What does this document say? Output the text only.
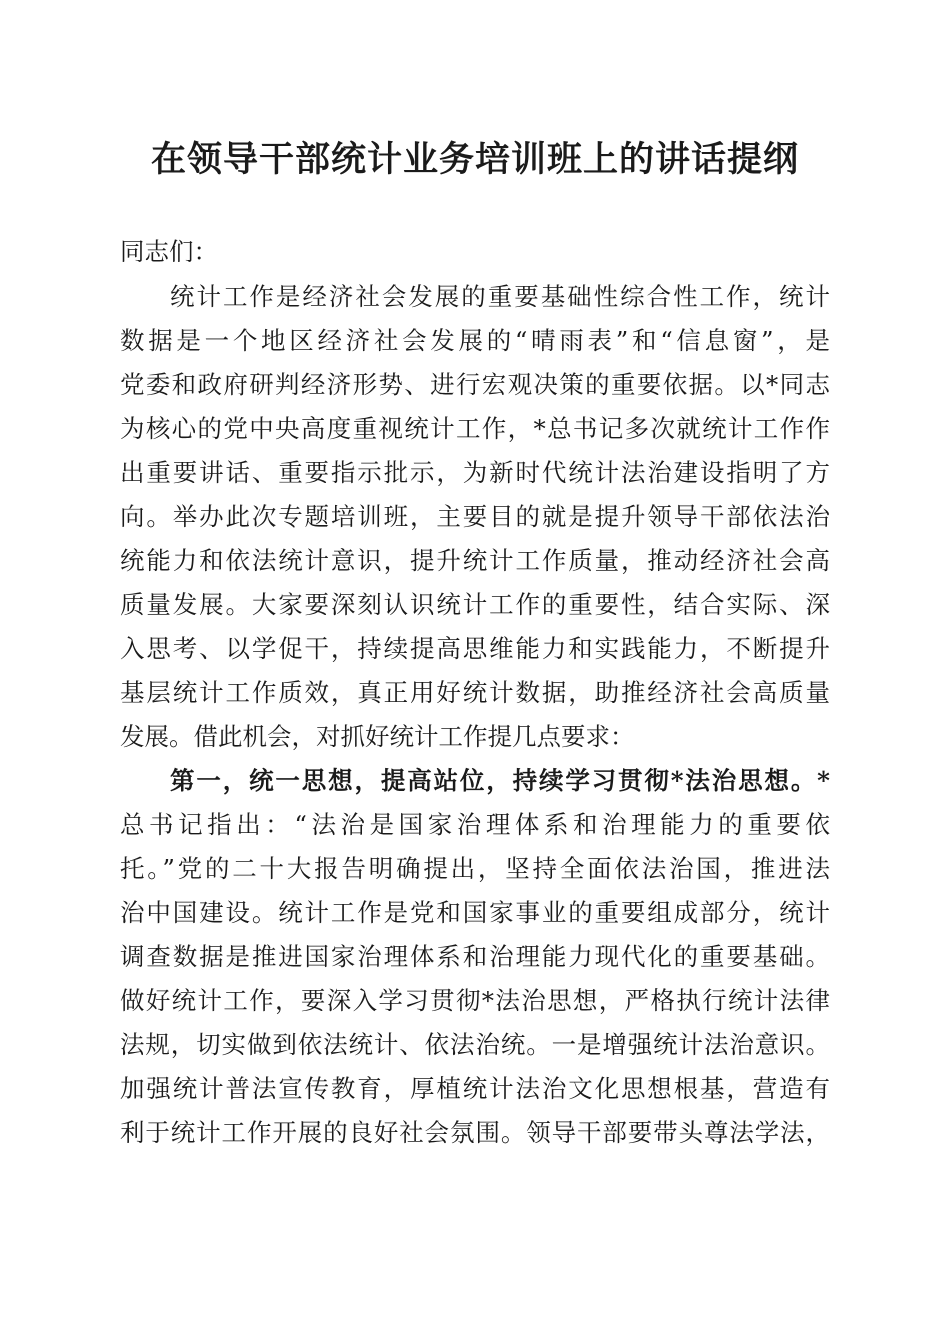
在领导干部统计业务培训班上的讲话提纲

同志们：

统计工作是经济社会发展的重要基础性综合性工作，统计

数据是一个地区经济社会发展的“晴雨表”和“信息窗”，是

党委和政府研判经济形势、进行宏观决策的重要依据。以*同志

为核心的党中央高度重视统计工作，*总书记多次就统计工作作

出重要讲话、重要指示批示，为新时代统计法治建设指明了方

向。举办此次专题培训班，主要目的就是提升领导干部依法治

统能力和依法统计意识，提升统计工作质量，推动经济社会高

质量发展。大家要深刻认识统计工作的重要性，结合实际、深

入思考、以学促干，持续提高思维能力和实践能力，不断提升

基层统计工作质效，真正用好统计数据，助推经济社会高质量

发展。借此机会，对抓好统计工作提几点要求：

第一，统一思想，提高站位，持续学习贯彻*法治思想。*

总书记指出：“法治是国家治理体系和治理能力的重要依

托。”党的二十大报告明确提出，坚持全面依法治国，推进法

治中国建设。统计工作是党和国家事业的重要组成部分，统计

调查数据是推进国家治理体系和治理能力现代化的重要基础。

做好统计工作，要深入学习贯彻*法治思想，严格执行统计法律

法规，切实做到依法统计、依法治统。一是增强统计法治意识。

加强统计普法宣传教育，厚植统计法治文化思想根基，营造有

利于统计工作开展的良好社会氛围。领导干部要带头尊法学法，
